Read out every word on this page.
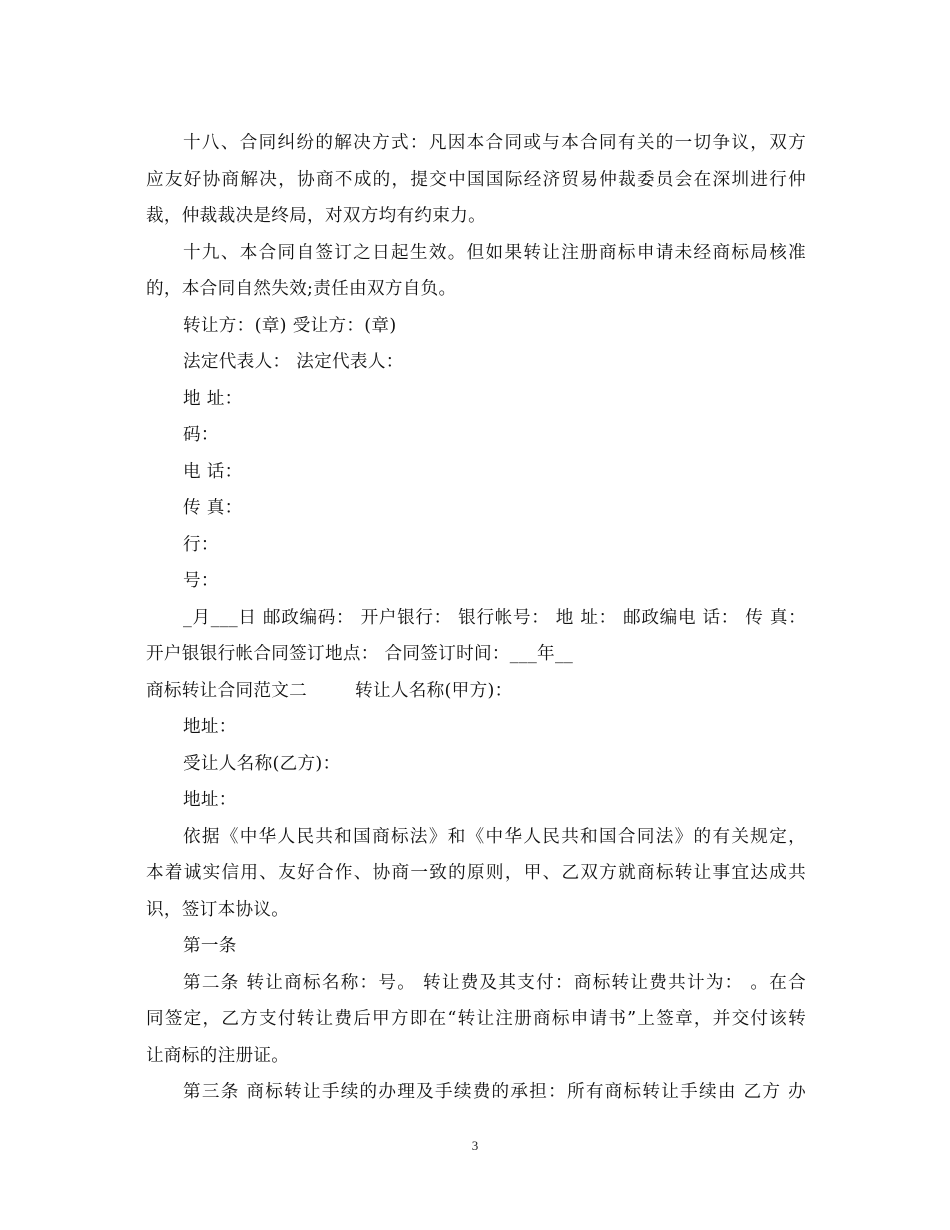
十八、合同纠纷的解决方式：凡因本合同或与本合同有关的一切争议，双方
应友好协商解决，协商不成的，提交中国国际经济贸易仲裁委员会在深圳进行仲
裁，仲裁裁决是终局，对双方均有约束力。
十九、本合同自签订之日起生效。但如果转让注册商标申请未经商标局核准
的，本合同自然失效;责任由双方自负。
转让方：(章) 受让方：(章)
法定代表人： 法定代表人：
地 址：
码：
电 话：
传 真：
行：
号：
_月___日 邮政编码： 开户银行： 银行帐号： 地 址： 邮政编电 话： 传 真：
开户银银行帐合同签订地点： 合同签订时间：___年__
商标转让合同范文二	转让人名称(甲方)：
地址：
受让人名称(乙方)：
地址：
依据《中华人民共和国商标法》和《中华人民共和国合同法》的有关规定，
本着诚实信用、友好合作、协商一致的原则，甲、乙双方就商标转让事宜达成共
识，签订本协议。
第一条
第二条 转让商标名称：号。 转让费及其支付：商标转让费共计为： 。在合
同签定，乙方支付转让费后甲方即在“转让注册商标申请书”上签章，并交付该转
让商标的注册证。
第三条 商标转让手续的办理及手续费的承担：所有商标转让手续由 乙方 办
3
